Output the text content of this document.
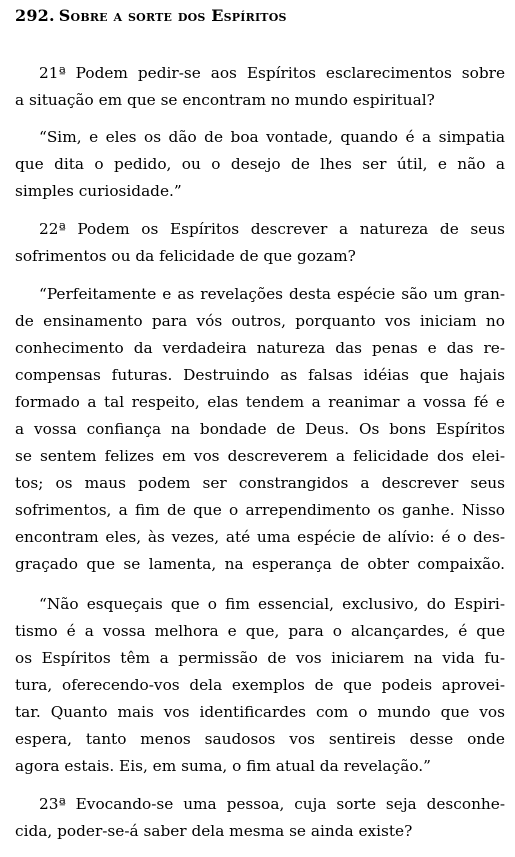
292. Sobre a sorte dos Espíritos
21ª Podem pedir-se aos Espíritos esclarecimentos sobre
a situação em que se encontram no mundo espiritual?
“Sim, e eles os dão de boa vontade, quando é a simpatia
que dita o pedido, ou o desejo de lhes ser útil, e não a
simples curiosidade.”
22ª Podem os Espíritos descrever a natureza de seus
sofrimentos ou da felicidade de que gozam?
“Perfeitamente e as revelações desta espécie são um gran-
de ensinamento para vós outros, porquanto vos iniciam no
conhecimento da verdadeira natureza das penas e das re-
compensas futuras. Destruindo as falsas idéias que hajais
formado a tal respeito, elas tendem a reanimar a vossa fé e
a vossa confiança na bondade de Deus. Os bons Espíritos
se sentem felizes em vos descreverem a felicidade dos elei-
tos; os maus podem ser constrangidos a descrever seus
sofrimentos, a fim de que o arrependimento os ganhe. Nisso
encontram eles, às vezes, até uma espécie de alívio: é o des-
graçado que se lamenta, na esperança de obter compaixão.
“Não esqueçais que o fim essencial, exclusivo, do Espiri-
tismo é a vossa melhora e que, para o alcançardes, é que
os Espíritos têm a permissão de vos iniciarem na vida fu-
tura, oferecendo-vos dela exemplos de que podeis aprovei-
tar. Quanto mais vos identificardes com o mundo que vos
espera, tanto menos saudosos vos sentireis desse onde
agora estais. Eis, em suma, o fim atual da revelação.”
23ª Evocando-se uma pessoa, cuja sorte seja desconhe-
cida, poder-se-á saber dela mesma se ainda existe?
